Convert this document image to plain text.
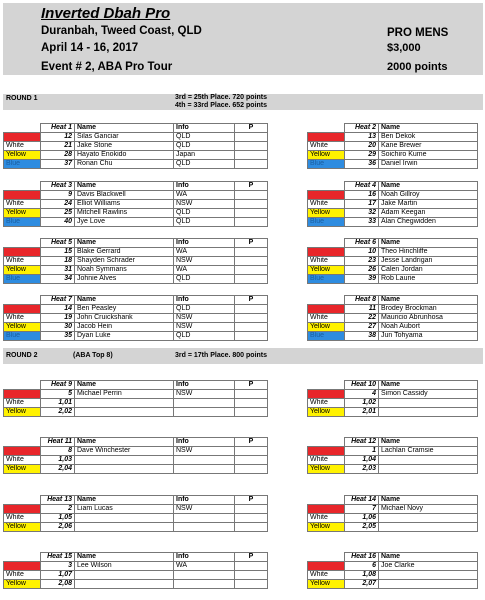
Inverted Dbah Pro
Duranbah, Tweed Coast, QLD
April 14 - 16, 2017
Event # 2, ABA Pro Tour
PRO MENS
$3,000
2000 points
ROUND 1	3rd = 25th Place. 720 points
4th = 33rd Place. 652 points
ROUND 2	(ABA Top 8)	3rd = 17th Place. 800 points
	Heat 1	Name	Info	P
Red	12	Silas Ganciar	QLD	
White	21	Jake Stone	QLD	
Yellow	28	Hayato Enokido	Japan	
Blue	37	Ronan Chu	QLD	
	Heat 2	Name
Red	13	Ben Dekok
White	20	Kane Brewer
Yellow	29	Soichiro Kume
Blue	36	Daniel Irwin
	Heat 3	Name	Info	P
Red	9	Davis Blackwell	WA	
White	24	Elliot Williams	NSW	
Yellow	25	Mitchell Rawlins	QLD	
Blue	40	Jye Love	QLD	
	Heat 4	Name
Red	16	Noah Gillroy
White	17	Jake Martin
Yellow	32	Adam Keegan
Blue	33	Alan Chegwidden
	Heat 5	Name	Info	P
Red	15	Blake Gerrard	WA	
White	18	Shayden Schrader	NSW	
Yellow	31	Noah Symmans	WA	
Blue	34	Johnie Alves	QLD	
	Heat 6	Name
Red	10	Theo Hinchliffe
White	23	Jesse Landrigan
Yellow	26	Calen Jordan
Blue	39	Rob Laurie
	Heat 7	Name	Info	P
Red	14	Ben Peasley	QLD	
White	19	John Cruickshank	NSW	
Yellow	30	Jacob Hein	NSW	
Blue	35	Dyan Luke	QLD	
	Heat 8	Name
Red	11	Brodey Brockman
White	22	Mauricio Abrunhosa
Yellow	27	Noah Aubort
Blue	38	Jun Tohyama
	Heat 9	Name	Info	P
Red	5	Michael Perrin	NSW	
White	1,01			
Yellow	2,02			
	Heat 10	Name
Red	4	Simon Cassidy
White	1,02	
Yellow	2,01	
	Heat 11	Name	Info	P
Red	8	Dave Winchester	NSW	
White	1,03			
Yellow	2,04			
	Heat 12	Name
Red	1	Lachlan Cramsie
White	1,04	
Yellow	2,03	
	Heat 13	Name	Info	P
Red	2	Liam Lucas	NSW	
White	1,05			
Yellow	2,06			
	Heat 14	Name
Red	7	Michael Novy
White	1,06	
Yellow	2,05	
	Heat 15	Name	Info	P
Red	3	Lee Wilson	WA	
White	1,07			
Yellow	2,08			
	Heat 16	Name
Red	6	Joe Clarke
White	1,08	
Yellow	2,07	
